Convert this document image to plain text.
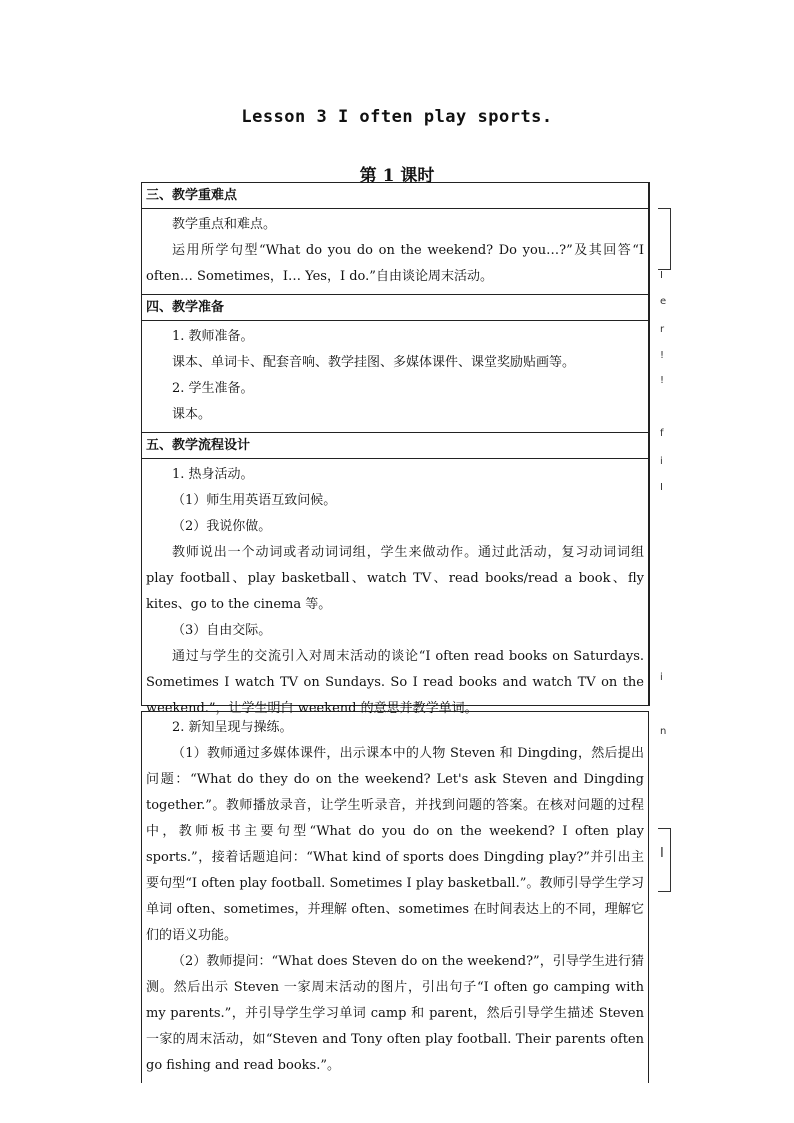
Lesson 3 I often play sports.
第 1 课时
三、教学重难点

教学重点和难点。

运用所学句型“What do you do on the weekend? Do you…?”及其回答“I often… Sometimes，I… Yes，I do.”自由谈论周末活动。

四、教学准备

1. 教师准备。

课本、单词卡、配套音响、教学挂图、多媒体课件、课堂奖励贴画等。

2. 学生准备。

课本。

五、教学流程设计

1. 热身活动。

（1）师生用英语互致问候。

（2）我说你做。

教师说出一个动词或者动词词组，学生来做动作。通过此活动，复习动词词组 play football、play basketball、watch TV、read books/read a book、fly kites、go to the cinema 等。

（3）自由交际。

通过与学生的交流引入对周末活动的谈论“I often read books on Saturdays. Sometimes I watch TV on Sundays. So I read books and watch TV on the weekend.”，让学生明白 weekend 的意思并教学单词。

2. 新知呈现与操练。

（1）教师通过多媒体课件，出示课本中的人物 Steven 和 Dingding，然后提出问题：“What do they do on the weekend? Let's ask Steven and Dingding together.”。教师播放录音，让学生听录音，并找到问题的答案。在核对问题的过程中，教师板书主要句型“What do you do on the weekend? I often play sports.”，接着话题追问：“What kind of sports does Dingding play?”并引出主要句型“I often play football. Sometimes I play basketball.”。教师引导学生学习单词 often、sometimes，并理解 often、sometimes 在时间表达上的不同，理解它们的语义功能。

（2）教师提问：“What does Steven do on the weekend?”，引导学生进行猜测。然后出示 Steven 一家周末活动的图片，引出句子“I often go camping with my parents.”，并引导学生学习单词 camp 和 parent，然后引导学生描述 Steven 一家的周末活动，如“Steven and Tony often play football. Their parents often go fishing and read books.”。

I
e
r
!
!
f
i
I
i
n
I
